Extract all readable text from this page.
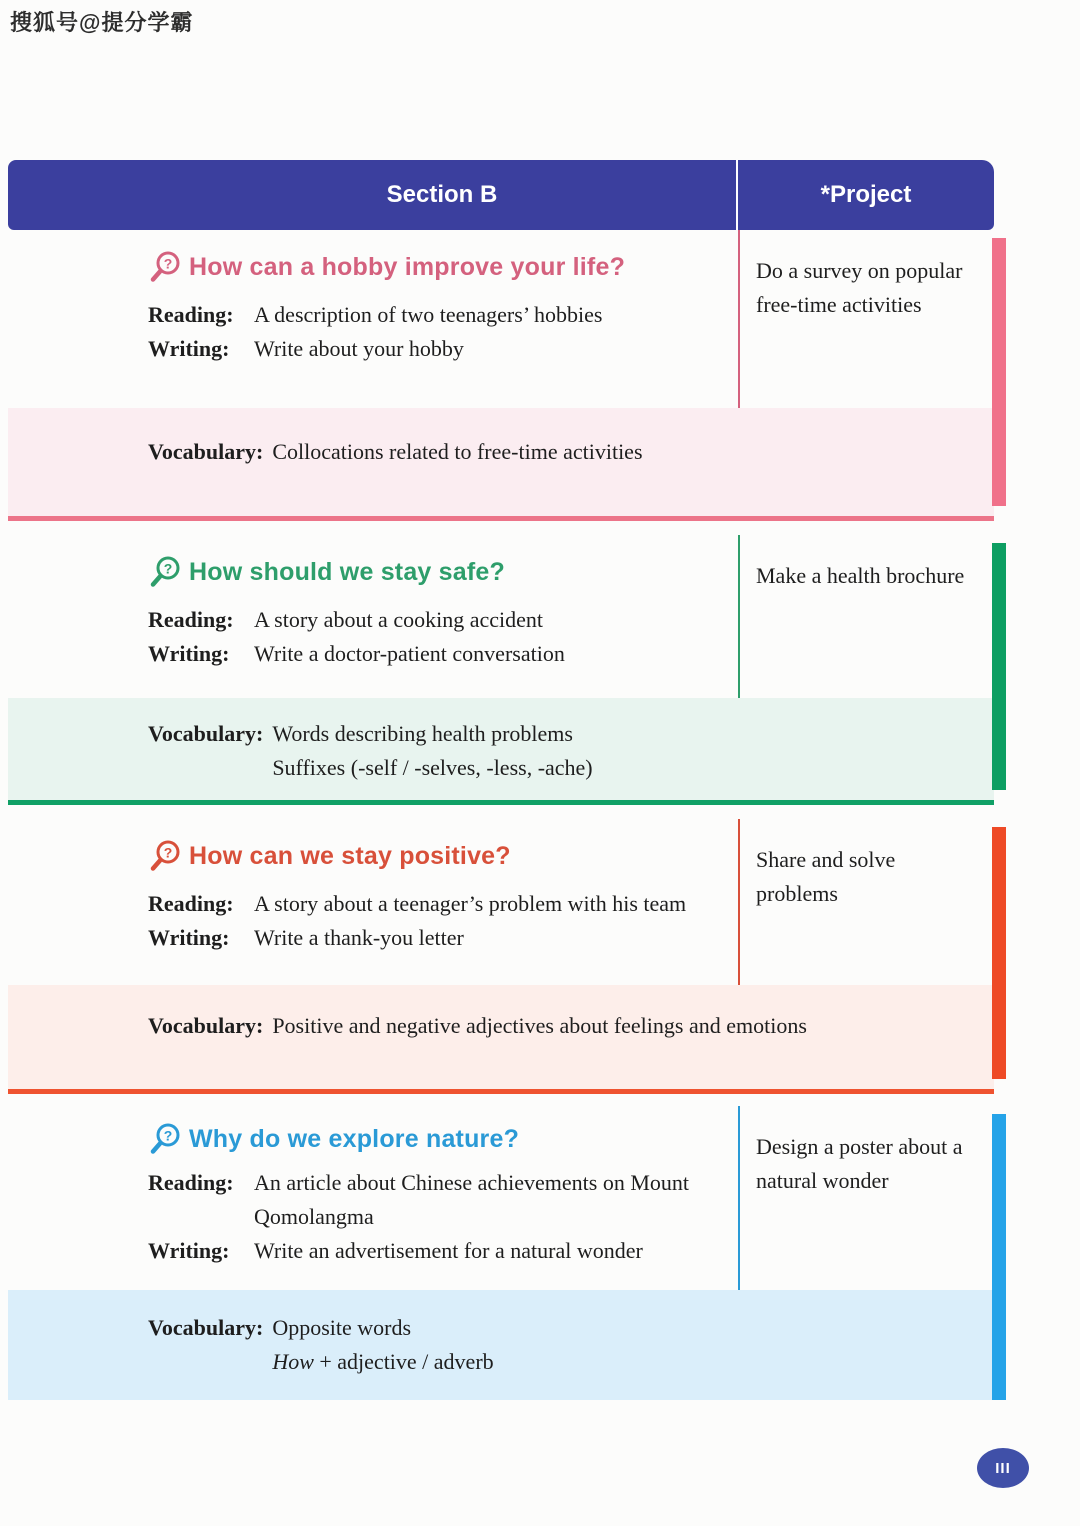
搜狐号@提分学霸
Section B	*Project
? How can a hobby improve your life?
Reading: A description of two teenagers’ hobbies
Writing:	Write about your hobby

Do a survey on popular free-time activities

Vocabulary: Collocations related to free-time activities
? How should we stay safe?
Reading: A story about a cooking accident
Writing:	Write a doctor-patient conversation

Make a health brochure

Vocabulary: Words describing health problems
Suffixes (-self / -selves, -less, -ache)
? How can we stay positive?
Reading: A story about a teenager’s problem with his team
Writing:	Write a thank-you letter

Share and solve problems

Vocabulary: Positive and negative adjectives about feelings and emotions
? Why do we explore nature?
Reading: An article about Chinese achievements on Mount
Qomolangma
Writing:	Write an advertisement for a natural wonder

Design a poster about a natural wonder

Vocabulary: Opposite words
How + adjective / adverb
III
